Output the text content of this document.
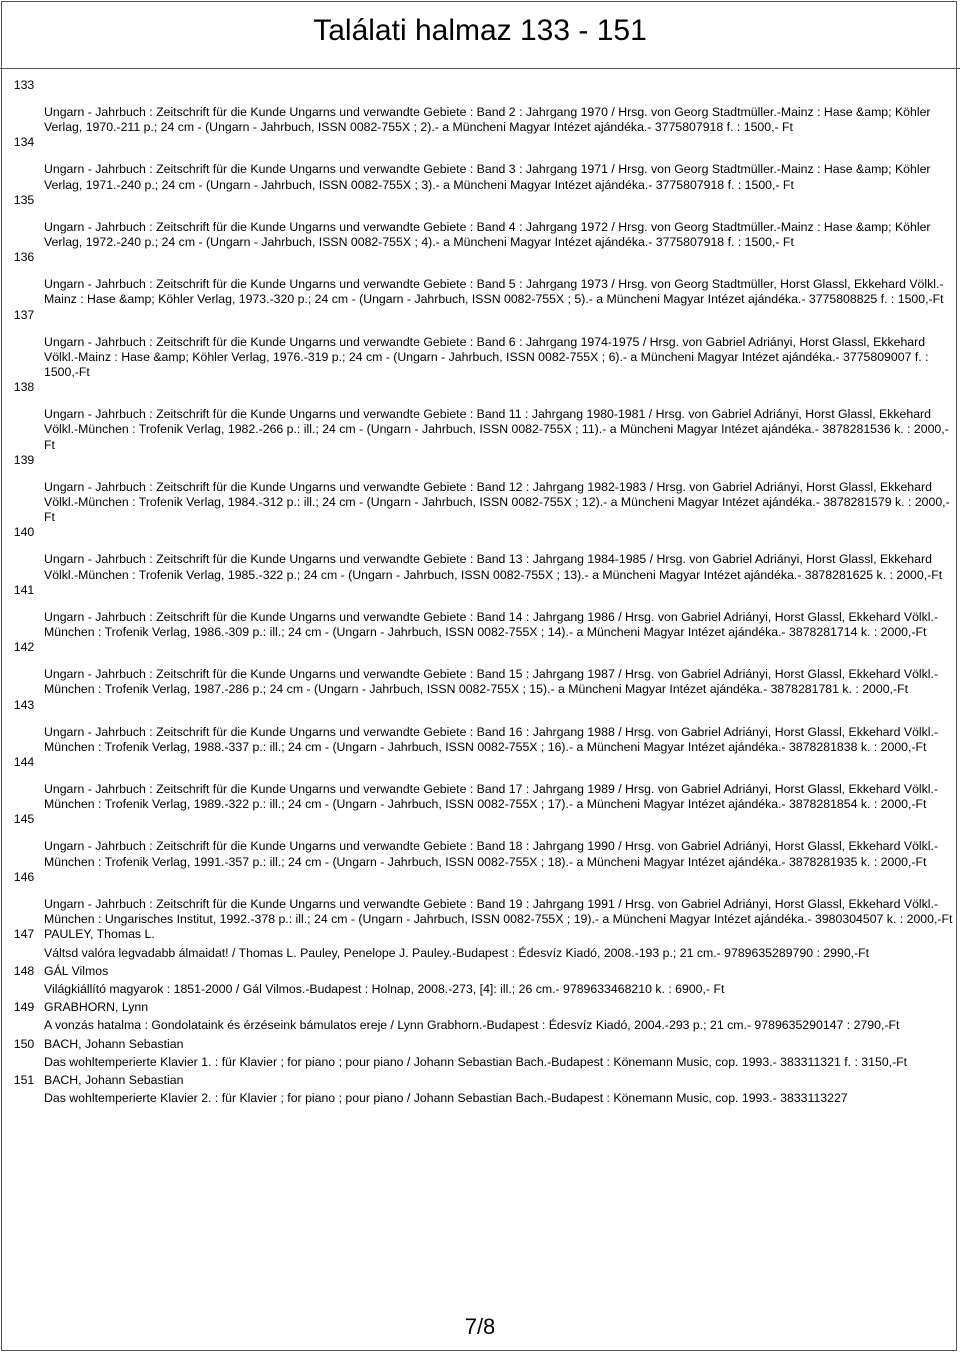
Találati halmaz 133 - 151
133
Ungarn - Jahrbuch : Zeitschrift für die Kunde Ungarns und verwandte Gebiete : Band 2 : Jahrgang 1970 / Hrsg. von Georg Stadtmüller.-Mainz : Hase &amp; Köhler Verlag, 1970.-211 p.; 24 cm - (Ungarn - Jahrbuch, ISSN 0082-755X ; 2).- a Müncheni Magyar Intézet ajándéka.- 3775807918 f. : 1500,- Ft
134
Ungarn - Jahrbuch : Zeitschrift für die Kunde Ungarns und verwandte Gebiete : Band 3 : Jahrgang 1971 / Hrsg. von Georg Stadtmüller.-Mainz : Hase &amp; Köhler Verlag, 1971.-240 p.; 24 cm - (Ungarn - Jahrbuch, ISSN 0082-755X ; 3).- a Müncheni Magyar Intézet ajándéka.- 3775807918 f. : 1500,- Ft
135
Ungarn - Jahrbuch : Zeitschrift für die Kunde Ungarns und verwandte Gebiete : Band 4 : Jahrgang 1972 / Hrsg. von Georg Stadtmüller.-Mainz : Hase &amp; Köhler Verlag, 1972.-240 p.; 24 cm - (Ungarn - Jahrbuch, ISSN 0082-755X ; 4).- a Müncheni Magyar Intézet ajándéka.- 3775807918 f. : 1500,- Ft
136
Ungarn - Jahrbuch : Zeitschrift für die Kunde Ungarns und verwandte Gebiete : Band 5 : Jahrgang 1973 / Hrsg. von Georg Stadtmüller, Horst Glassl, Ekkehard Völkl.-Mainz : Hase &amp; Köhler Verlag, 1973.-320 p.; 24 cm - (Ungarn - Jahrbuch, ISSN 0082-755X ; 5).- a Müncheni Magyar Intézet ajándéka.- 3775808825 f. : 1500,-Ft
137
Ungarn - Jahrbuch : Zeitschrift für die Kunde Ungarns und verwandte Gebiete : Band 6 : Jahrgang 1974-1975 / Hrsg. von Gabriel Adriányi, Horst Glassl, Ekkehard Völkl.-Mainz : Hase &amp; Köhler Verlag, 1976.-319 p.; 24 cm - (Ungarn - Jahrbuch, ISSN 0082-755X ; 6).- a Müncheni Magyar Intézet ajándéka.- 3775809007 f. : 1500,-Ft
138
Ungarn - Jahrbuch : Zeitschrift für die Kunde Ungarns und verwandte Gebiete : Band 11 : Jahrgang 1980-1981 / Hrsg. von Gabriel Adriányi, Horst Glassl, Ekkehard Völkl.-München : Trofenik Verlag, 1982.-266 p.: ill.; 24 cm - (Ungarn - Jahrbuch, ISSN 0082-755X ; 11).- a Müncheni Magyar Intézet ajándéka.- 3878281536 k. : 2000,-Ft
139
Ungarn - Jahrbuch : Zeitschrift für die Kunde Ungarns und verwandte Gebiete : Band 12 : Jahrgang 1982-1983 / Hrsg. von Gabriel Adriányi, Horst Glassl, Ekkehard Völkl.-München : Trofenik Verlag, 1984.-312 p.: ill.; 24 cm - (Ungarn - Jahrbuch, ISSN 0082-755X ; 12).- a Müncheni Magyar Intézet ajándéka.- 3878281579 k. : 2000,-Ft
140
Ungarn - Jahrbuch : Zeitschrift für die Kunde Ungarns und verwandte Gebiete : Band 13 : Jahrgang 1984-1985 / Hrsg. von Gabriel Adriányi, Horst Glassl, Ekkehard Völkl.-München : Trofenik Verlag, 1985.-322 p.; 24 cm - (Ungarn - Jahrbuch, ISSN 0082-755X ; 13).- a Müncheni Magyar Intézet ajándéka.- 3878281625 k. : 2000,-Ft
141
Ungarn - Jahrbuch : Zeitschrift für die Kunde Ungarns und verwandte Gebiete : Band 14 : Jahrgang 1986 / Hrsg. von Gabriel Adriányi, Horst Glassl, Ekkehard Völkl.-München : Trofenik Verlag, 1986.-309 p.: ill.; 24 cm - (Ungarn - Jahrbuch, ISSN 0082-755X ; 14).- a Müncheni Magyar Intézet ajándéka.- 3878281714 k. : 2000,-Ft
142
Ungarn - Jahrbuch : Zeitschrift für die Kunde Ungarns und verwandte Gebiete : Band 15 : Jahrgang 1987 / Hrsg. von Gabriel Adriányi, Horst Glassl, Ekkehard Völkl.-München : Trofenik Verlag, 1987.-286 p.; 24 cm - (Ungarn - Jahrbuch, ISSN 0082-755X ; 15).- a Müncheni Magyar Intézet ajándéka.- 3878281781 k. : 2000,-Ft
143
Ungarn - Jahrbuch : Zeitschrift für die Kunde Ungarns und verwandte Gebiete : Band 16 : Jahrgang 1988 / Hrsg. von Gabriel Adriányi, Horst Glassl, Ekkehard Völkl.-München : Trofenik Verlag, 1988.-337 p.: ill.; 24 cm - (Ungarn - Jahrbuch, ISSN 0082-755X ; 16).- a Müncheni Magyar Intézet ajándéka.- 3878281838 k. : 2000,-Ft
144
Ungarn - Jahrbuch : Zeitschrift für die Kunde Ungarns und verwandte Gebiete : Band 17 : Jahrgang 1989 / Hrsg. von Gabriel Adriányi, Horst Glassl, Ekkehard Völkl.-München : Trofenik Verlag, 1989.-322 p.: ill.; 24 cm - (Ungarn - Jahrbuch, ISSN 0082-755X ; 17).- a Müncheni Magyar Intézet ajándéka.- 3878281854 k. : 2000,-Ft
145
Ungarn - Jahrbuch : Zeitschrift für die Kunde Ungarns und verwandte Gebiete : Band 18 : Jahrgang 1990 / Hrsg. von Gabriel Adriányi, Horst Glassl, Ekkehard Völkl.-München : Trofenik Verlag, 1991.-357 p.: ill.; 24 cm - (Ungarn - Jahrbuch, ISSN 0082-755X ; 18).- a Müncheni Magyar Intézet ajándéka.- 3878281935 k. : 2000,-Ft
146
Ungarn - Jahrbuch : Zeitschrift für die Kunde Ungarns und verwandte Gebiete : Band 19 : Jahrgang 1991 / Hrsg. von Gabriel Adriányi, Horst Glassl, Ekkehard Völkl.-München : Ungarisches Institut, 1992.-378 p.: ill.; 24 cm - (Ungarn - Jahrbuch, ISSN 0082-755X ; 19).- a Müncheni Magyar Intézet ajándéka.- 3980304507 k. : 2000,-Ft
147 PAULEY, Thomas L.
Váltsd valóra legvadabb álmaidat! / Thomas L. Pauley, Penelope J. Pauley.-Budapest : Édesvíz Kiadó, 2008.-193 p.; 21 cm.- 9789635289790 : 2990,-Ft
148 GÁL Vilmos
Világkiállító magyarok : 1851-2000 / Gál Vilmos.-Budapest : Holnap, 2008.-273, [4]: ill.; 26 cm.- 9789633468210 k. : 6900,- Ft
149 GRABHORN, Lynn
A vonzás hatalma : Gondolataink és érzéseink bámulatos ereje / Lynn Grabhorn.-Budapest : Édesvíz Kiadó, 2004.-293 p.; 21 cm.- 9789635290147 : 2790,-Ft
150 BACH, Johann Sebastian
Das wohltemperierte Klavier 1. : für Klavier ; for piano ; pour piano / Johann Sebastian Bach.-Budapest : Könemann Music, cop. 1993.- 383311321 f. : 3150,-Ft
151 BACH, Johann Sebastian
Das wohltemperierte Klavier 2. : für Klavier ; for piano ; pour piano / Johann Sebastian Bach.-Budapest : Könemann Music, cop. 1993.- 3833113227
7/8
